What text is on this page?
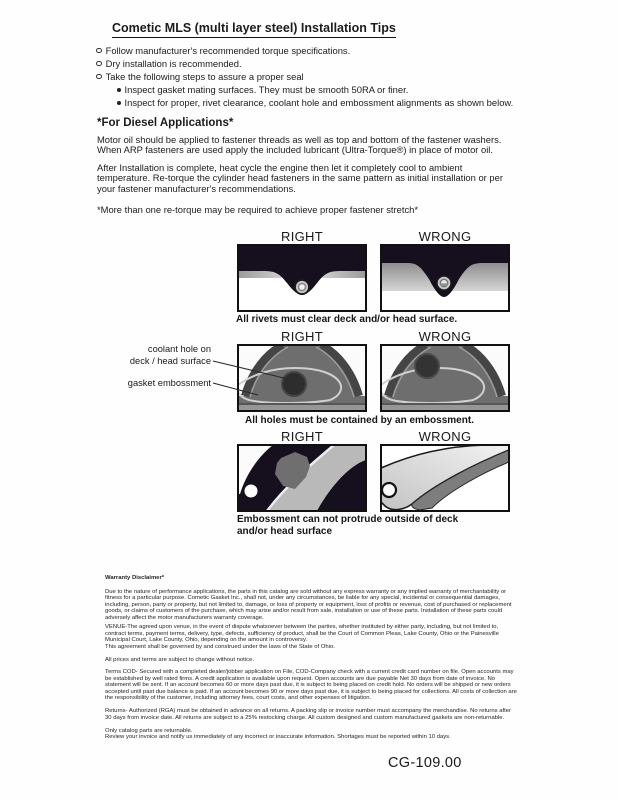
Cometic MLS (multi layer steel) Installation Tips
Follow manufacturer's recommended torque specifications.
Dry installation is recommended.
Take the following steps to assure a proper seal
Inspect gasket mating surfaces. They must be smooth 50RA or finer.
Inspect for proper, rivet clearance, coolant hole and embossment alignments as shown below.
*For Diesel Applications*

Motor oil should be applied to fastener threads as well as top and bottom of the fastener washers. When ARP fasteners are used apply the included lubricant (Ultra-Torque®) in place of motor oil.

After Installation is complete, heat cycle the engine then let it completely cool to ambient temperature. Re-torque the cylinder head fasteners in the same pattern as initial installation or per your fastener manufacturer's recommendations.

*More than one re-torque may be required to achieve proper fastener stretch*

RIGHT	WRONG
All rivets must clear deck and/or head surface.
RIGHT	WRONG
coolant hole on
deck / head surface
gasket embossment
All holes must be contained by an embossment.
RIGHT	WRONG
Embossment can not protrude outside of deck
and/or head surface

Warranty Disclaimer*

Due to the nature of performance applications, the parts in this catalog are sold without any express warranty or any implied warranty of merchantability or fitness for a particular purpose. Cometic Gasket Inc., shall not, under any circumstances, be liable for any special, incidental or consequential damages, including, person, party or property, but not limited to, damage, or loss of property or equipment, loss of profits or revenue, cost of purchased or replacement goods, or claims of customers of the purchase, which may arise and/or result from sale, installation or use of these parts. Installation of these parts could adversely affect the motor manufacturers warranty coverage.

VENUE-The agreed upon venue, in the event of dispute whatsoever between the parties, whether instituted by either party, including, but not limited to, contract terms, payment terms, delivery, type, defects, sufficiency of product, shall be the Court of Common Pleas, Lake County, Ohio or the Painesville Municipal Court, Lake County, Ohio, depending on the amount in controversy.
This agreement shall be governed by and construed under the laws of the State of Ohio.

All prices and terms are subject to change without notice.

Terms COD- Secured with a completed dealer/jobber application on File, COD-Company check with a current credit card number on file. Open accounts may be established by well rated firms. A credit application is available upon request. Open accounts are due payable Net 30 days from date of invoice. No statement will be sent. If an account becomes 60 or more days past due, it is subject to being placed on credit hold. No orders will be shipped or new orders accepted until past due balance is paid. If an account becomes 90 or more days past due, it is subject to being placed for collections. All costs of collection are the responsibility of the customer, including attorney fees, court costs, and other expenses of litigation.

Returns- Authorized (RGA) must be obtained in advance on all returns. A packing slip or invoice number must accompany the merchandise. No returns after 30 days from invoice date. All returns are subject to a 25% restocking charge. All custom designed and custom manufactured gaskets are non-returnable.

Only catalog parts are returnable.

Review your invoice and notify us immediately of any incorrect or inaccurate information. Shortages must be reported within 10 days.

CG-109.00
